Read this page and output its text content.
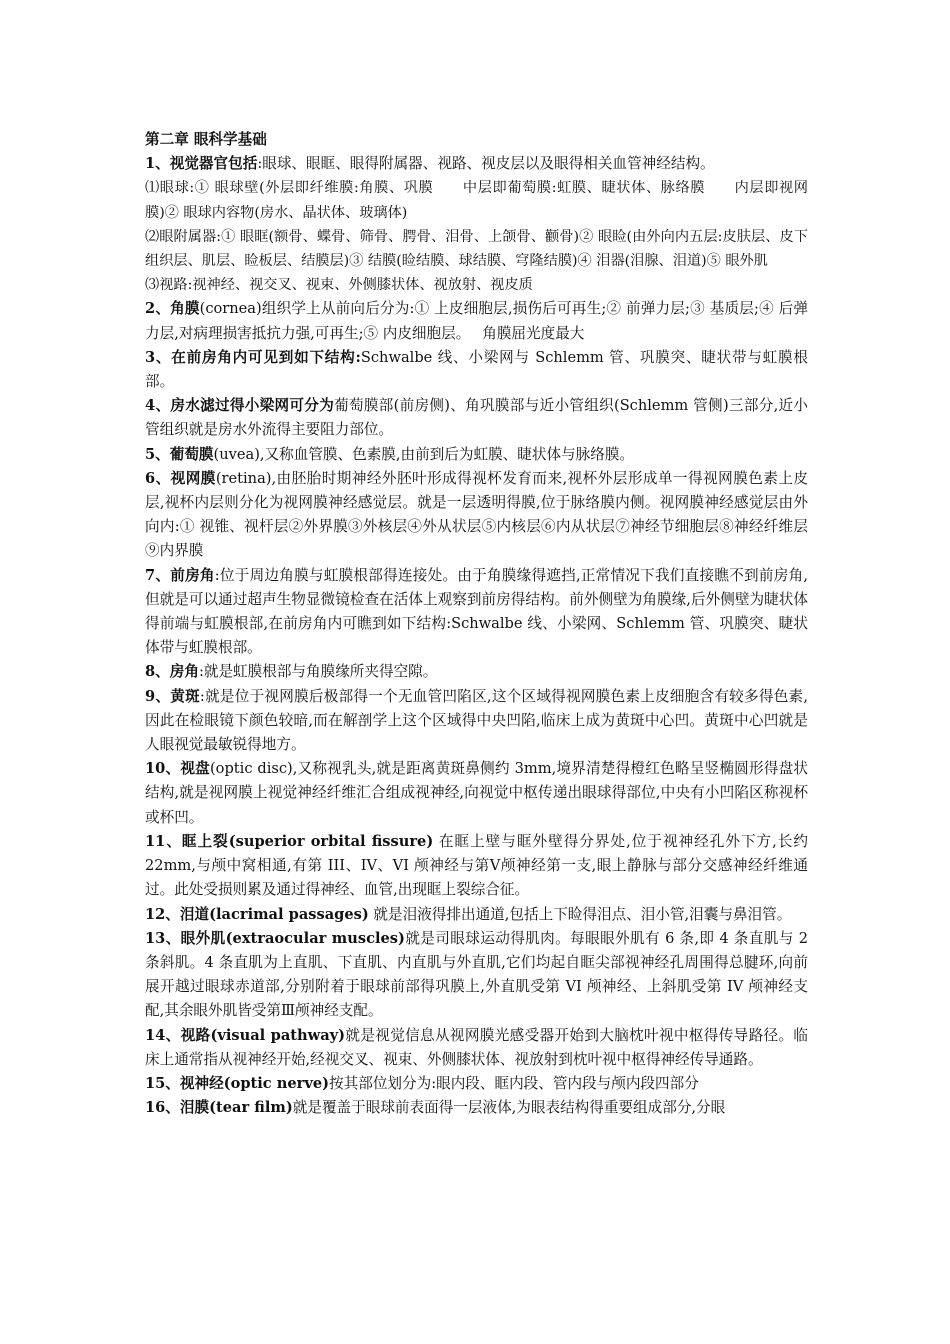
第二章 眼科学基础

1、视觉器官包括:眼球、眼眶、眼得附属器、视路、视皮层以及眼得相关血管神经结构。

⑴眼球:① 眼球壁(外层即纤维膜:角膜、巩膜　　中层即葡萄膜:虹膜、睫状体、脉络膜　　内层即视网膜)② 眼球内容物(房水、晶状体、玻璃体)

⑵眼附属器:① 眼眶(额骨、蝶骨、筛骨、腭骨、泪骨、上颌骨、颧骨)② 眼睑(由外向内五层:皮肤层、皮下组织层、肌层、睑板层、结膜层)③ 结膜(睑结膜、球结膜、穹隆结膜)④ 泪器(泪腺、泪道)⑤ 眼外肌

⑶视路:视神经、视交叉、视束、外侧膝状体、视放射、视皮质

2、角膜(cornea)组织学上从前向后分为:① 上皮细胞层,损伤后可再生;② 前弹力层;③ 基质层;④ 后弹力层,对病理损害抵抗力强,可再生;⑤ 内皮细胞层。　 角膜屈光度最大

3、在前房角内可见到如下结构:Schwalbe 线、小梁网与 Schlemm 管、巩膜突、睫状带与虹膜根部。

4、房水滤过得小梁网可分为葡萄膜部(前房侧)、角巩膜部与近小管组织(Schlemm 管侧)三部分,近小管组织就是房水外流得主要阻力部位。

5、葡萄膜(uvea),又称血管膜、色素膜,由前到后为虹膜、睫状体与脉络膜。

6、视网膜(retina),由胚胎时期神经外胚叶形成得视杯发育而来,视杯外层形成单一得视网膜色素上皮层,视杯内层则分化为视网膜神经感觉层。就是一层透明得膜,位于脉络膜内侧。视网膜神经感觉层由外向内:① 视锥、视杆层②外界膜③外核层④外从状层⑤内核层⑥内从状层⑦神经节细胞层⑧神经纤维层⑨内界膜

7、前房角:位于周边角膜与虹膜根部得连接处。由于角膜缘得遮挡,正常情况下我们直接瞧不到前房角,但就是可以通过超声生物显微镜检查在活体上观察到前房得结构。前外侧壁为角膜缘,后外侧壁为睫状体得前端与虹膜根部,在前房角内可瞧到如下结构:Schwalbe 线、小梁网、Schlemm 管、巩膜突、睫状体带与虹膜根部。

8、房角:就是虹膜根部与角膜缘所夹得空隙。

9、黄斑:就是位于视网膜后极部得一个无血管凹陷区,这个区域得视网膜色素上皮细胞含有较多得色素,因此在检眼镜下颜色较暗,而在解剖学上这个区域得中央凹陷,临床上成为黄斑中心凹。黄斑中心凹就是人眼视觉最敏锐得地方。

10、视盘(optic disc),又称视乳头,就是距离黄斑鼻侧约 3mm,境界清楚得橙红色略呈竖椭圆形得盘状结构,就是视网膜上视觉神经纤维汇合组成视神经,向视觉中枢传递出眼球得部位,中央有小凹陷区称视杯或杯凹。

11、眶上裂(superior orbital fissure) 在眶上壁与眶外壁得分界处,位于视神经孔外下方,长约 22mm,与颅中窝相通,有第 III、IV、VI 颅神经与第Ⅴ颅神经第一支,眼上静脉与部分交感神经纤维通过。此处受损则累及通过得神经、血管,出现眶上裂综合征。

12、泪道(lacrimal passages) 就是泪液得排出通道,包括上下睑得泪点、泪小管,泪囊与鼻泪管。

13、眼外肌(extraocular muscles)就是司眼球运动得肌肉。每眼眼外肌有 6 条,即 4 条直肌与 2 条斜肌。4 条直肌为上直肌、下直肌、内直肌与外直肌,它们均起自眶尖部视神经孔周围得总腱环,向前展开越过眼球赤道部,分别附着于眼球前部得巩膜上,外直肌受第 VI 颅神经、上斜肌受第 IV 颅神经支配,其余眼外肌皆受第Ⅲ颅神经支配。

14、视路(visual pathway)就是视觉信息从视网膜光感受器开始到大脑枕叶视中枢得传导路径。临床上通常指从视神经开始,经视交叉、视束、外侧膝状体、视放射到枕叶视中枢得神经传导通路。

15、视神经(optic nerve)按其部位划分为:眼内段、眶内段、管内段与颅内段四部分

16、泪膜(tear film)就是覆盖于眼球前表面得一层液体,为眼表结构得重要组成部分,分眼
